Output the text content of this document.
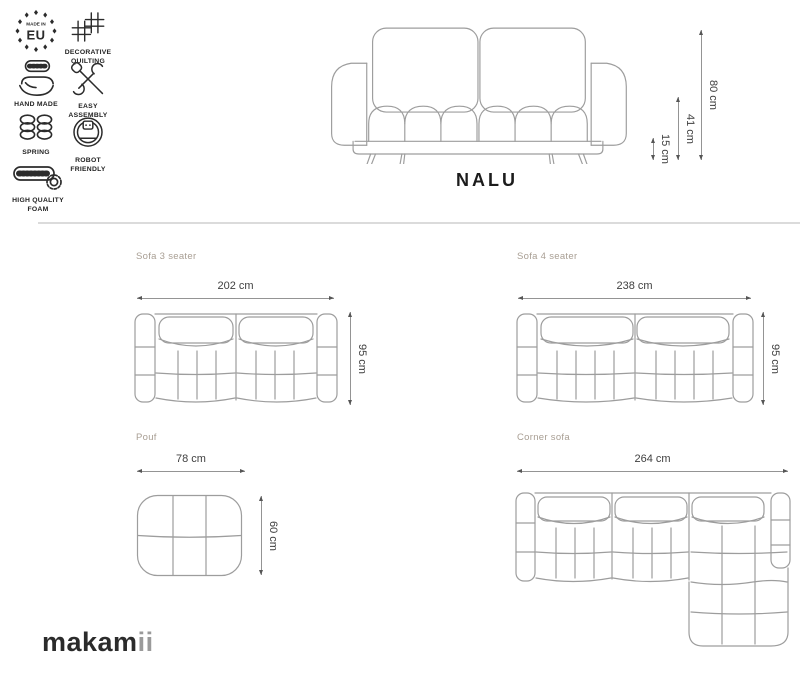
MADE IN
EU
DECORATIVE QUILTING
HAND MADE	EASY ASSEMBLY
SPRING
ROBOT FRIENDLY
HIGH QUALITY FOAM
80 cm
41 cm
15 cm
NALU
Sofa 3 seater
202 cm
95 cm
Sofa 4 seater
238 cm
95 cm
Pouf
78 cm
60 cm
Corner sofa
264 cm
makamii
